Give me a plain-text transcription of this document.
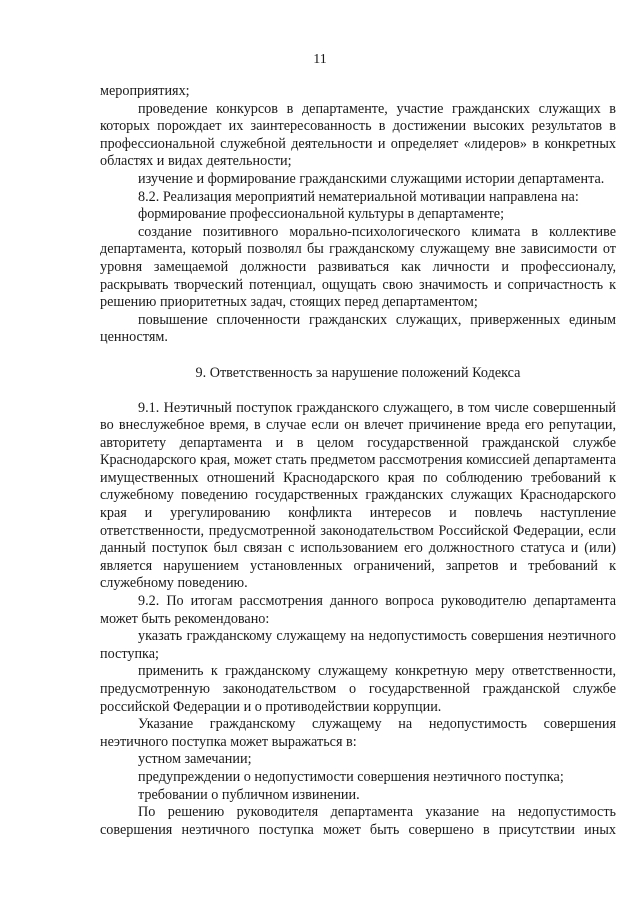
11

мероприятиях;

проведение конкурсов в департаменте, участие гражданских служащих в которых порождает их заинтересованность в достижении высоких результатов в профессиональной служебной деятельности и определяет «лидеров» в конкретных областях и видах деятельности;

изучение и формирование гражданскими служащими истории департамента.

8.2. Реализация мероприятий нематериальной мотивации направлена на:

формирование профессиональной культуры в департаменте;

создание позитивного морально-психологического климата в коллективе департамента, который позволял бы гражданскому служащему вне зависимости от уровня замещаемой должности развиваться как личности и профессионалу, раскрывать творческий потенциал, ощущать свою значимость и сопричастность к решению приоритетных задач, стоящих перед департаментом;

повышение сплоченности гражданских служащих, приверженных единым ценностям.

9. Ответственность за нарушение положений Кодекса

9.1. Неэтичный поступок гражданского служащего, в том числе совершенный во внеслужебное время, в случае если он влечет причинение вреда его репутации, авторитету департамента и в целом государственной гражданской службе Краснодарского края, может стать предметом рассмотрения комиссией департамента имущественных отношений Краснодарского края по соблюдению требований к служебному поведению государственных гражданских служащих Краснодарского края и урегулированию конфликта интересов и повлечь наступление ответственности, предусмотренной законодательством Российской Федерации, если данный поступок был связан с использованием его должностного статуса и (или) является нарушением установленных ограничений, запретов и требований к служебному поведению.

9.2. По итогам рассмотрения данного вопроса руководителю департамента может быть рекомендовано:

указать гражданскому служащему на недопустимость совершения неэтичного поступка;

применить к гражданскому служащему конкретную меру ответственности, предусмотренную законодательством о государственной гражданской службе российской Федерации и о противодействии коррупции.

Указание гражданскому служащему на недопустимость совершения неэтичного поступка может выражаться в:

устном замечании;

предупреждении о недопустимости совершения неэтичного поступка;

требовании о публичном извинении.

По решению руководителя департамента указание на недопустимость совершения неэтичного поступка может быть совершено в присутствии иных
